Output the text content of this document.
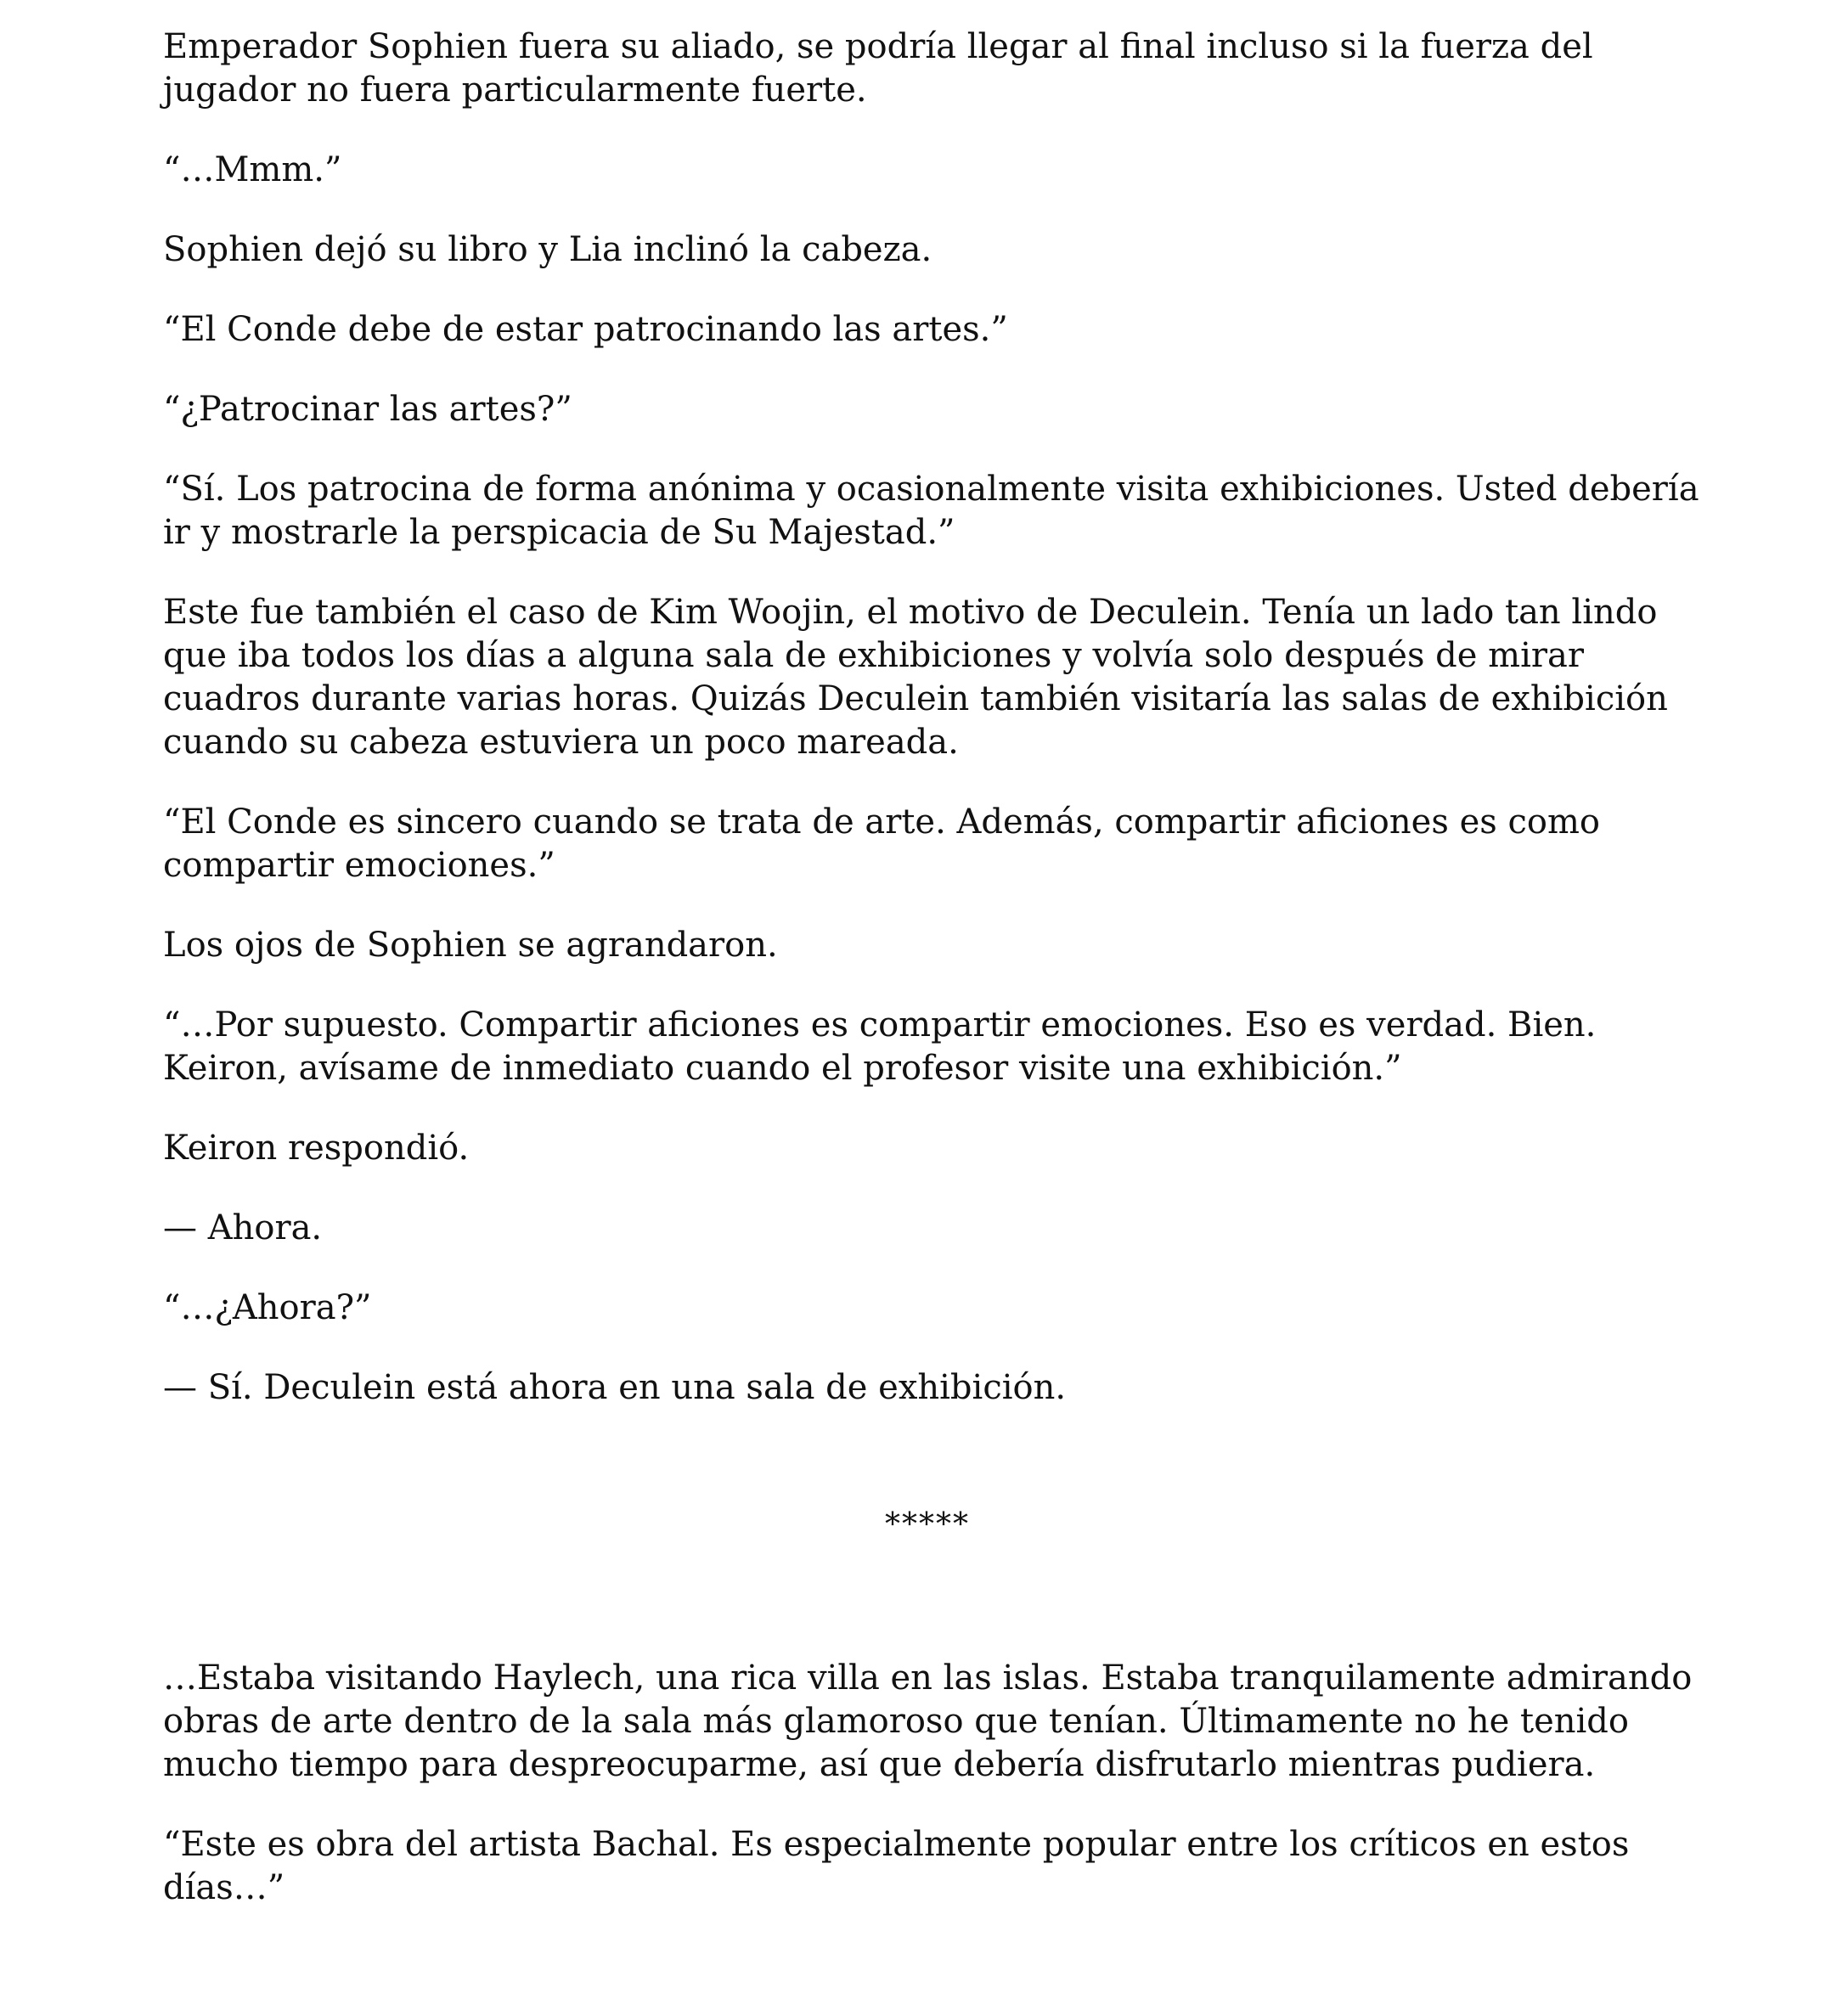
Emperador Sophien fuera su aliado, se podría llegar al final incluso si la fuerza del jugador no fuera particularmente fuerte.

“…Mmm.”

Sophien dejó su libro y Lia inclinó la cabeza.

“El Conde debe de estar patrocinando las artes.”

“¿Patrocinar las artes?”

“Sí. Los patrocina de forma anónima y ocasionalmente visita exhibiciones. Usted debería ir y mostrarle la perspicacia de Su Majestad.”

Este fue también el caso de Kim Woojin, el motivo de Deculein. Tenía un lado tan lindo que iba todos los días a alguna sala de exhibiciones y volvía solo después de mirar cuadros durante varias horas. Quizás Deculein también visitaría las salas de exhibición cuando su cabeza estuviera un poco mareada.

“El Conde es sincero cuando se trata de arte. Además, compartir aficiones es como compartir emociones.”

Los ojos de Sophien se agrandaron.

“…Por supuesto. Compartir aficiones es compartir emociones. Eso es verdad. Bien. Keiron, avísame de inmediato cuando el profesor visite una exhibición.”

Keiron respondió.

— Ahora.

“…¿Ahora?”

— Sí. Deculein está ahora en una sala de exhibición.

*****

…Estaba visitando Haylech, una rica villa en las islas. Estaba tranquilamente admirando obras de arte dentro de la sala más glamoroso que tenían. Últimamente no he tenido mucho tiempo para despreocuparme, así que debería disfrutarlo mientras pudiera.

“Este es obra del artista Bachal. Es especialmente popular entre los críticos en estos días…”
